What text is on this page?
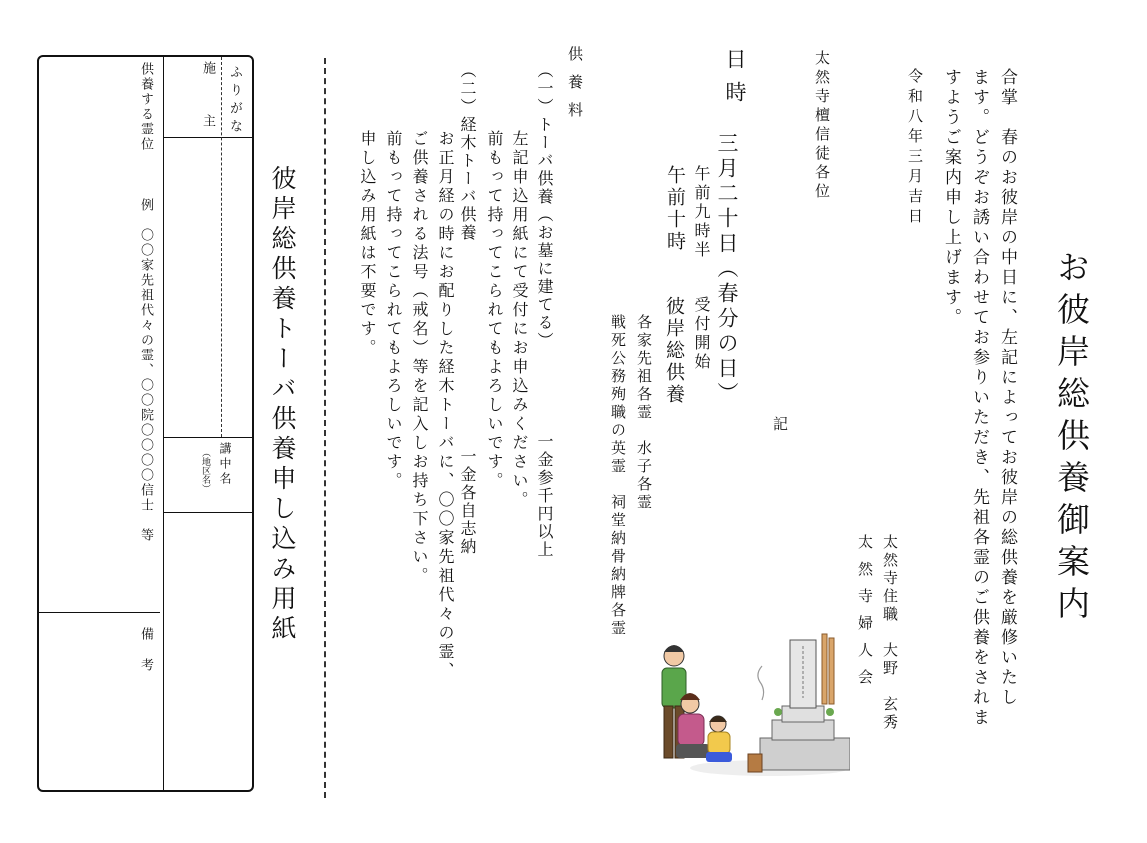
お彼岸総供養御案内
合掌　春のお彼岸の中日に、左記によってお彼岸の総供養を厳修いたし
ます。どうぞお誘い合わせてお参りいただき、先祖各霊のご供養をされま
すようご案内申し上げます。
令和八年三月吉日
太然寺住職　大野　玄秀
太然寺婦人会
太然寺檀信徒各位
記
日時
三月二十日（春分の日）
午前九時半
午前十時
受付開始
彼岸総供養
各家先祖各霊　水子各霊
戦死公務殉職の英霊　祠堂納骨納牌各霊
供養料
（一）トーバ供養（お墓に建てる）
一金参千円以上
左記申込用紙にて受付にお申込みください。
前もって持ってこられてもよろしいです。
（二）経木トーバ供養
一金各自志納
お正月経の時にお配りした経木トーバに、〇〇家先祖代々の霊、
ご供養される法号（戒名）等を記入しお持ち下さい。
前もって持ってこられてもよろしいです。
申し込み用紙は不要です。
彼岸総供養トーバ供養申し込み用紙
ふりがな
施
主
講中名
（地区名）
供養する霊位
例　〇〇家先祖代々の霊、〇〇院〇〇〇〇信士　等
備考
